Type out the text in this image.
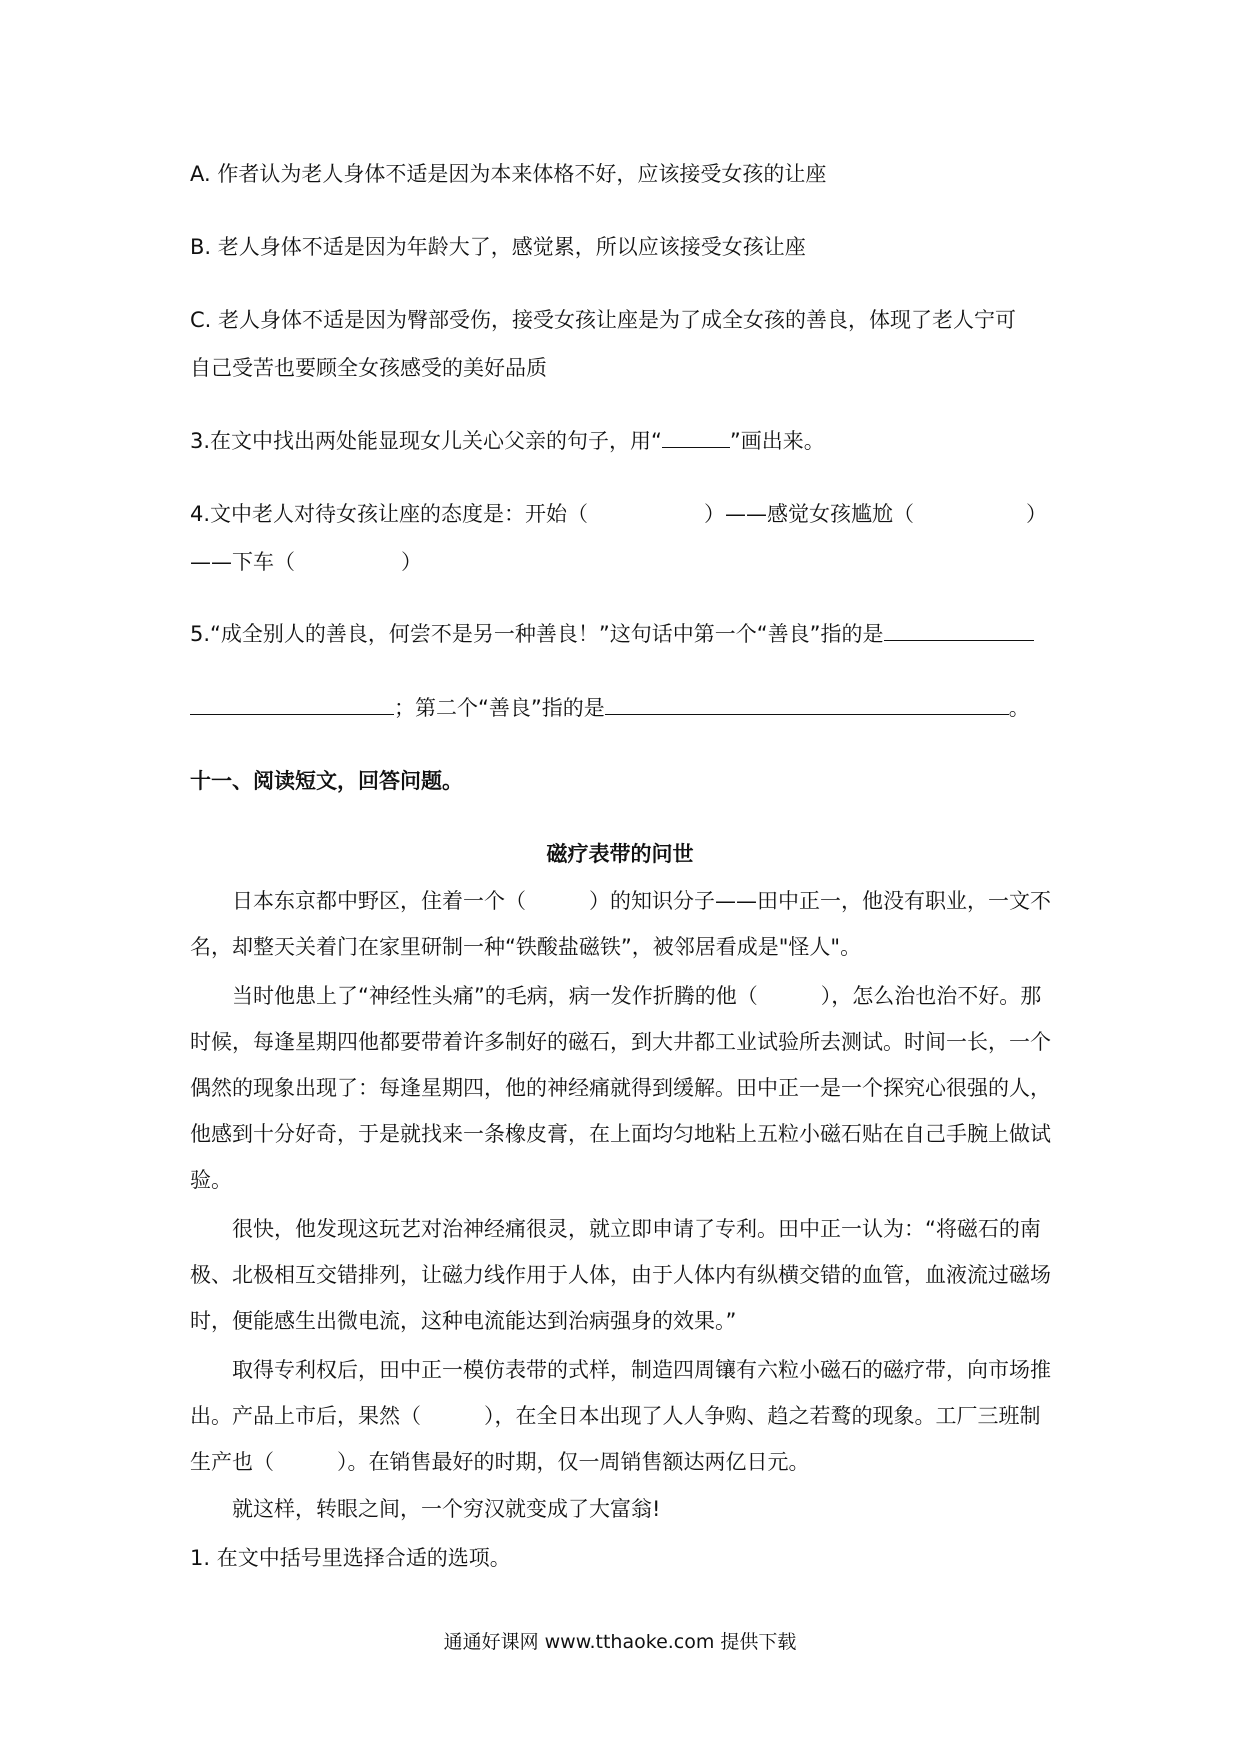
A. 作者认为老人身体不适是因为本来体格不好，应该接受女孩的让座
B. 老人身体不适是因为年龄大了，感觉累，所以应该接受女孩让座
C. 老人身体不适是因为臀部受伤，接受女孩让座是为了成全女孩的善良，体现了老人宁可
自己受苦也要顾全女孩感受的美好品质
3.在文中找出两处能显现女儿关心父亲的句子，用“	”画出来。
4.文中老人对待女孩让座的态度是：开始（	）——感觉女孩尴尬（	）
——下车（	）
5.“成全别人的善良，何尝不是另一种善良！”这句话中第一个“善良”指的是
；第二个“善良”指的是	。
十一、阅读短文，回答问题。
磁疗表带的问世
日本东京都中野区，住着一个（　　　）的知识分子——田中正一，他没有职业，一文不名，却整天关着门在家里研制一种“铁酸盐磁铁”，被邻居看成是"怪人"。
当时他患上了“神经性头痛”的毛病，病一发作折腾的他（　　　），怎么治也治不好。那时候，每逢星期四他都要带着许多制好的磁石，到大井都工业试验所去测试。时间一长，一个偶然的现象出现了：每逢星期四，他的神经痛就得到缓解。田中正一是一个探究心很强的人，他感到十分好奇，于是就找来一条橡皮膏，在上面均匀地粘上五粒小磁石贴在自己手腕上做试验。
很快，他发现这玩艺对治神经痛很灵，就立即申请了专利。田中正一认为：“将磁石的南极、北极相互交错排列，让磁力线作用于人体，由于人体内有纵横交错的血管，血液流过磁场时，便能感生出微电流，这种电流能达到治病强身的效果。”
取得专利权后，田中正一模仿表带的式样，制造四周镶有六粒小磁石的磁疗带，向市场推出。产品上市后，果然（　　　），在全日本出现了人人争购、趋之若鹜的现象。工厂三班制生产也（　　　）。在销售最好的时期，仅一周销售额达两亿日元。
就这样，转眼之间，一个穷汉就变成了大富翁!
1. 在文中括号里选择合适的选项。
通通好课网 www.tthaoke.com 提供下载
